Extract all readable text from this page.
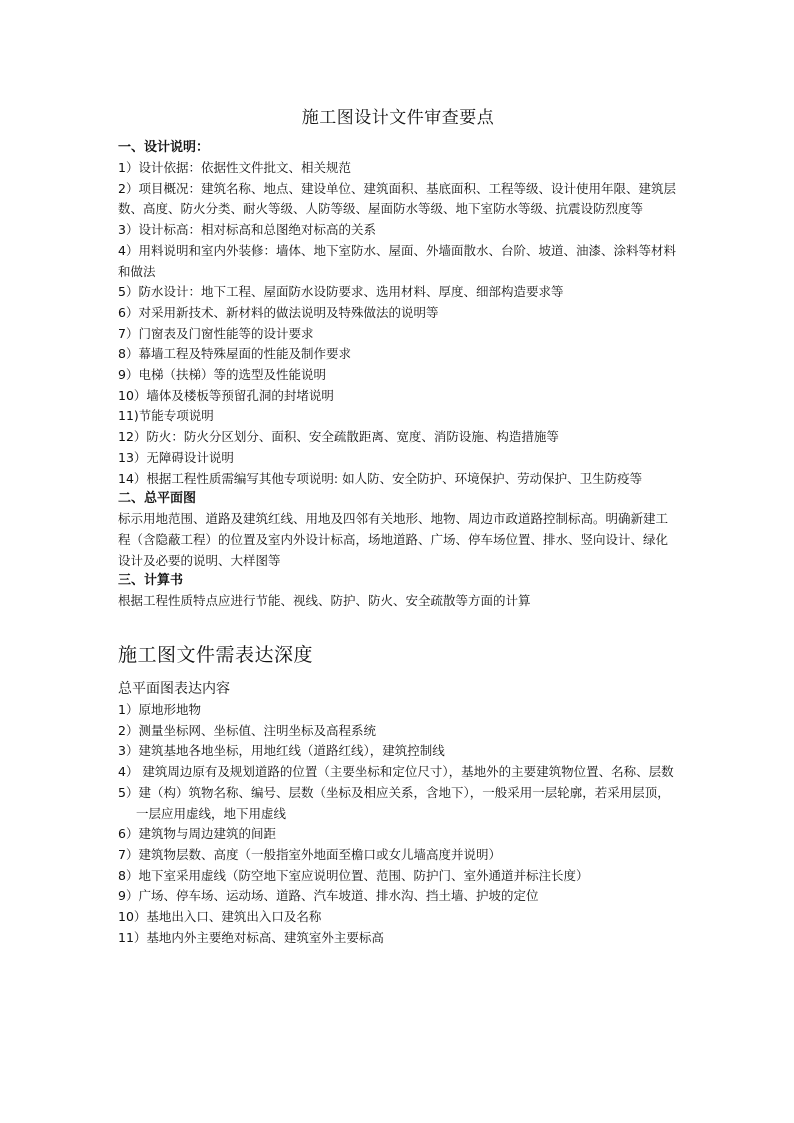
施工图设计文件审查要点
一、设计说明：

1）设计依据：依据性文件批文、相关规范

2）项目概况：建筑名称、地点、建设单位、建筑面积、基底面积、工程等级、设计使用年限、建筑层数、高度、防火分类、耐火等级、人防等级、屋面防水等级、地下室防水等级、抗震设防烈度等

3）设计标高：相对标高和总图绝对标高的关系

4）用料说明和室内外装修：墙体、地下室防水、屋面、外墙面散水、台阶、坡道、油漆、涂料等材料和做法

5）防水设计：地下工程、屋面防水设防要求、选用材料、厚度、细部构造要求等

6）对采用新技术、新材料的做法说明及特殊做法的说明等

7）门窗表及门窗性能等的设计要求

8）幕墙工程及特殊屋面的性能及制作要求

9）电梯（扶梯）等的选型及性能说明

10）墙体及楼板等预留孔洞的封堵说明

11)节能专项说明

12）防火：防火分区划分、面积、安全疏散距离、宽度、消防设施、构造措施等

13）无障碍设计说明

14）根据工程性质需编写其他专项说明: 如人防、安全防护、环境保护、劳动保护、卫生防疫等

二、总平面图

标示用地范围、道路及建筑红线、用地及四邻有关地形、地物、周边市政道路控制标高。明确新建工程（含隐蔽工程）的位置及室内外设计标高，场地道路、广场、停车场位置、排水、竖向设计、绿化设计及必要的说明、大样图等

三、计算书

根据工程性质特点应进行节能、视线、防护、防火、安全疏散等方面的计算

施工图文件需表达深度
总平面图表达内容

1）原地形地物

2）测量坐标网、坐标值、注明坐标及高程系统

3）建筑基地各地坐标，用地红线（道路红线），建筑控制线

4） 建筑周边原有及规划道路的位置（主要坐标和定位尺寸），基地外的主要建筑物位置、名称、层数

5）建（构）筑物名称、编号、层数（坐标及相应关系，含地下），一般采用一层轮廓，若采用层顶，一层应用虚线，地下用虚线

6）建筑物与周边建筑的间距

7）建筑物层数、高度（一般指室外地面至檐口或女儿墙高度并说明）

8）地下室采用虚线（防空地下室应说明位置、范围、防护门、室外通道并标注长度）

9）广场、停车场、运动场、道路、汽车坡道、排水沟、挡土墙、护坡的定位

10）基地出入口、建筑出入口及名称

11）基地内外主要绝对标高、建筑室外主要标高
